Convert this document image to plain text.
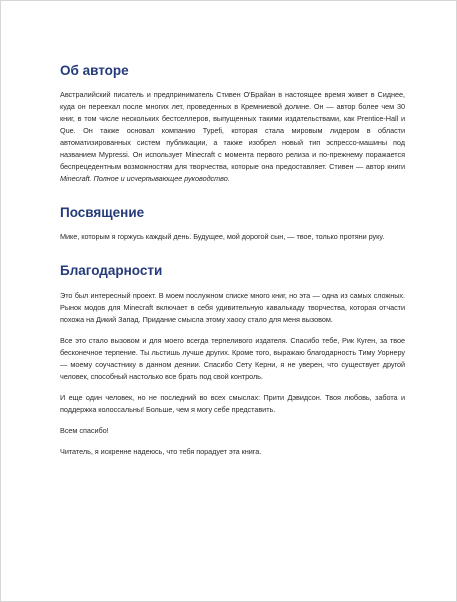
Об авторе

Австралийский писатель и предприниматель Стивен О'Брайан в настоящее время живет в Сиднее, куда он переехал после многих лет, проведенных в Кремниевой долине. Он — автор более чем 30 книг, в том числе нескольких бестселлеров, выпущенных такими издательствами, как Prentice-Hall и Que. Он также основал компанию Typefi, которая стала мировым лидером в области автоматизированных систем публикации, а также изобрел новый тип эспрессо-машины под названием Mypressi. Он использует Minecraft с момента первого релиза и по-прежнему поражается беспрецедентным возможностям для творчества, которые она предоставляет. Стивен — автор книги Minecraft. Полное и исчерпывающее руководство.

Посвящение

Мике, которым я горжусь каждый день. Будущее, мой дорогой сын, — твое, только протяни руку.

Благодарности

Это был интересный проект. В моем послужном списке много книг, но эта — одна из самых сложных. Рынок модов для Minecraft включает в себя удивительную кавалькаду творчества, которая отчасти похожа на Дикий Запад. Придание смысла этому хаосу стало для меня вызовом.

Все это стало вызовом и для моего всегда терпеливого издателя. Спасибо тебе, Рик Куген, за твое бесконечное терпение. Ты льстишь лучше других. Кроме того, выражаю благодарность Тиму Уорнеру — моему соучастнику в данном деянии. Спасибо Сету Керни, я не уверен, что существует другой человек, способный настолько все брать под свой контроль.

И еще один человек, но не последний во всех смыслах: Прити Дэвидсон. Твоя любовь, забота и поддержка колоссальны! Больше, чем я могу себе представить.

Всем спасибо!

Читатель, я искренне надеюсь, что тебя порадует эта книга.
